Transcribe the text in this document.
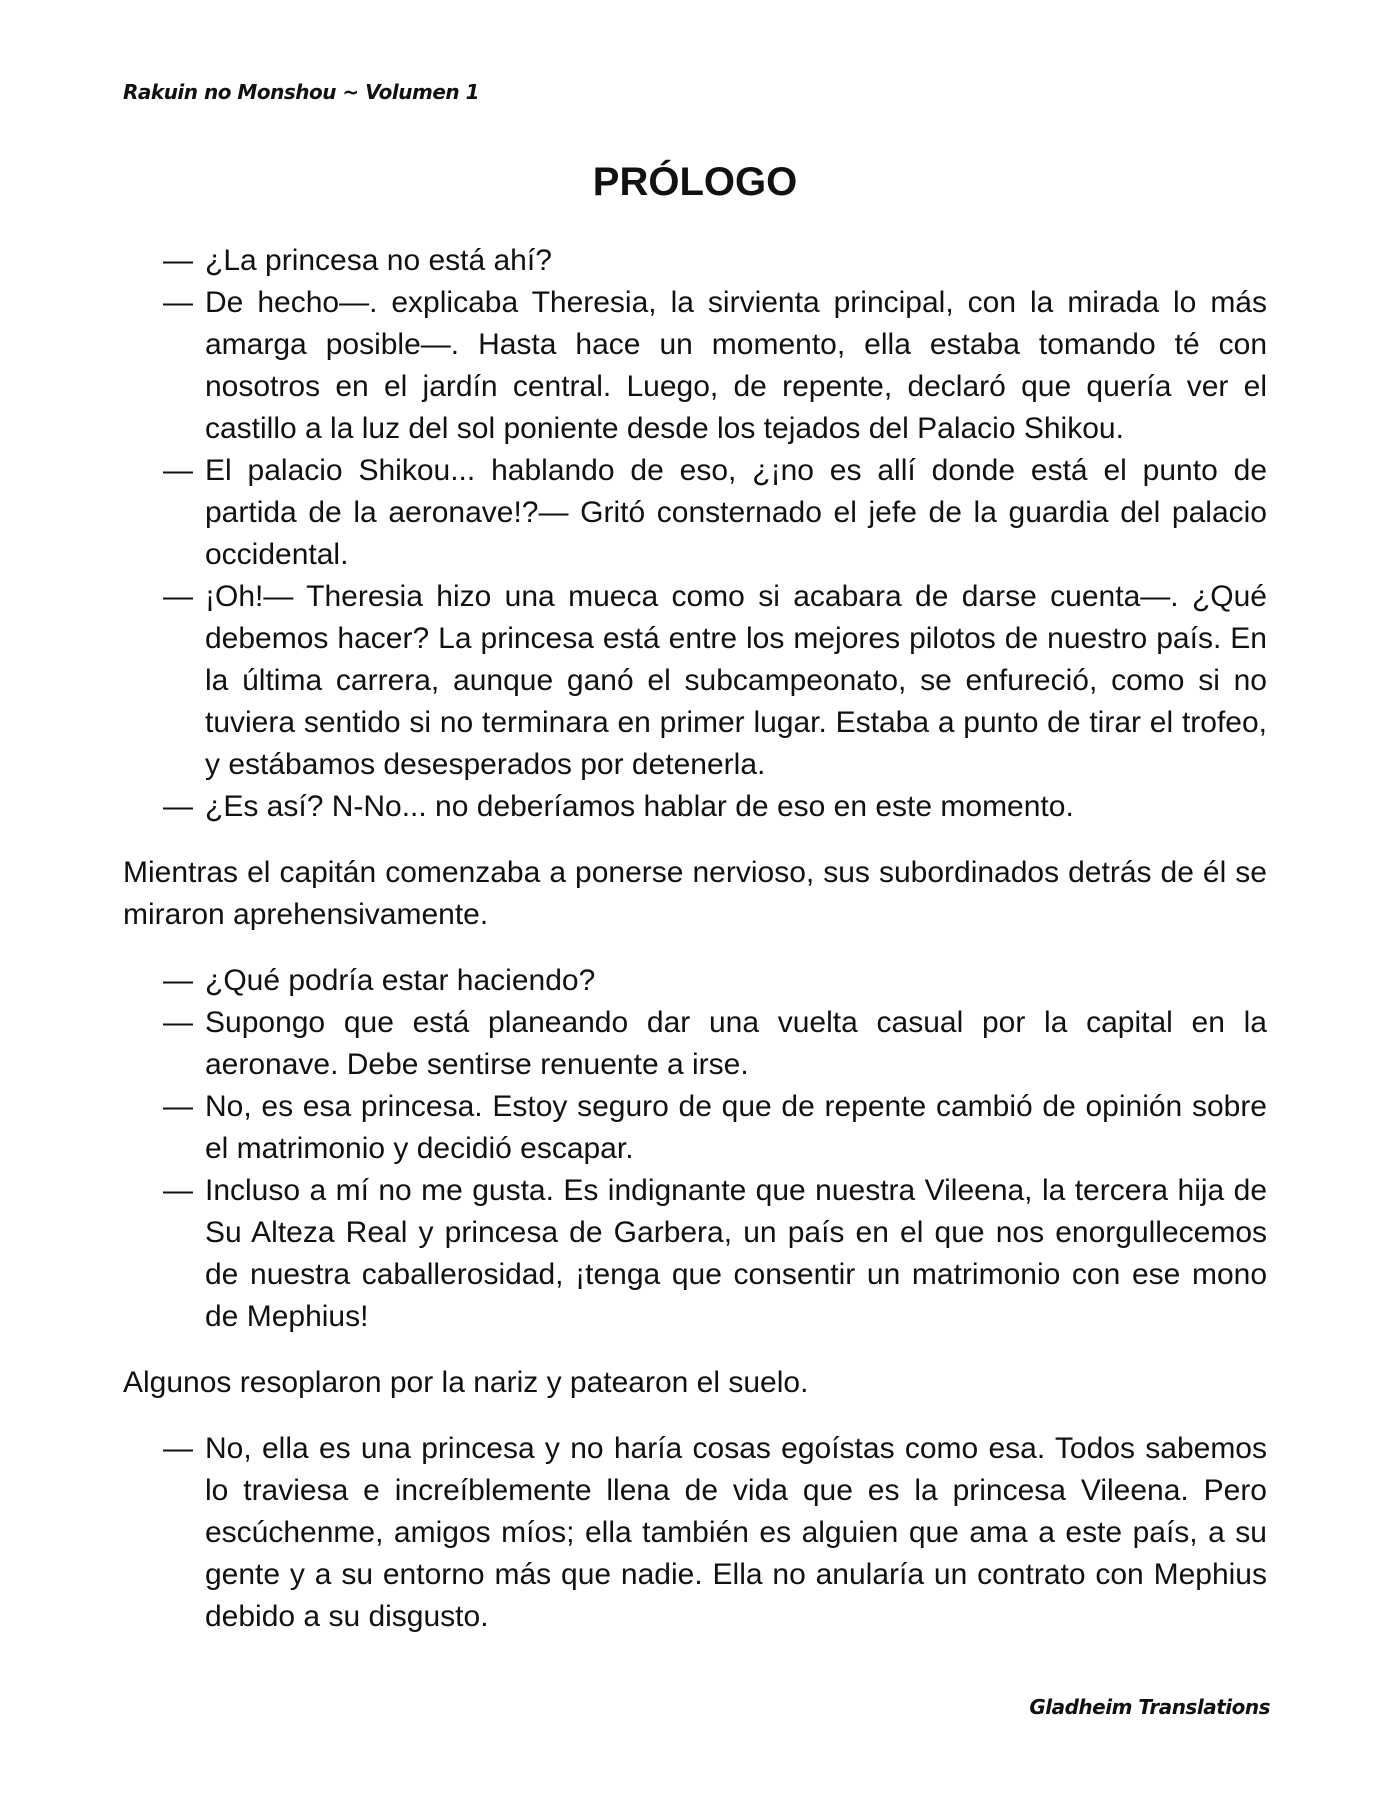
Rakuin no Monshou ~ Volumen 1
PRÓLOGO

— ¿La princesa no está ahí?

— De hecho—. explicaba Theresia, la sirvienta principal, con la mirada lo más amarga posible—. Hasta hace un momento, ella estaba tomando té con nosotros en el jardín central. Luego, de repente, declaró que quería ver el castillo a la luz del sol poniente desde los tejados del Palacio Shikou.

— El palacio Shikou... hablando de eso, ¿¡no es allí donde está el punto de partida de la aeronave!?— Gritó consternado el jefe de la guardia del palacio occidental.

— ¡Oh!— Theresia hizo una mueca como si acabara de darse cuenta—. ¿Qué debemos hacer? La princesa está entre los mejores pilotos de nuestro país. En la última carrera, aunque ganó el subcampeonato, se enfureció, como si no tuviera sentido si no terminara en primer lugar. Estaba a punto de tirar el trofeo, y estábamos desesperados por detenerla.

— ¿Es así? N-No... no deberíamos hablar de eso en este momento.

Mientras el capitán comenzaba a ponerse nervioso, sus subordinados detrás de él se miraron aprehensivamente.

— ¿Qué podría estar haciendo?

— Supongo que está planeando dar una vuelta casual por la capital en la aeronave. Debe sentirse renuente a irse.

— No, es esa princesa. Estoy seguro de que de repente cambió de opinión sobre el matrimonio y decidió escapar.

— Incluso a mí no me gusta. Es indignante que nuestra Vileena, la tercera hija de Su Alteza Real y princesa de Garbera, un país en el que nos enorgullecemos de nuestra caballerosidad, ¡tenga que consentir un matrimonio con ese mono de Mephius!

Algunos resoplaron por la nariz y patearon el suelo.

— No, ella es una princesa y no haría cosas egoístas como esa. Todos sabemos lo traviesa e increíblemente llena de vida que es la princesa Vileena. Pero escúchenme, amigos míos; ella también es alguien que ama a este país, a su gente y a su entorno más que nadie. Ella no anularía un contrato con Mephius debido a su disgusto.

Gladheim Translations
